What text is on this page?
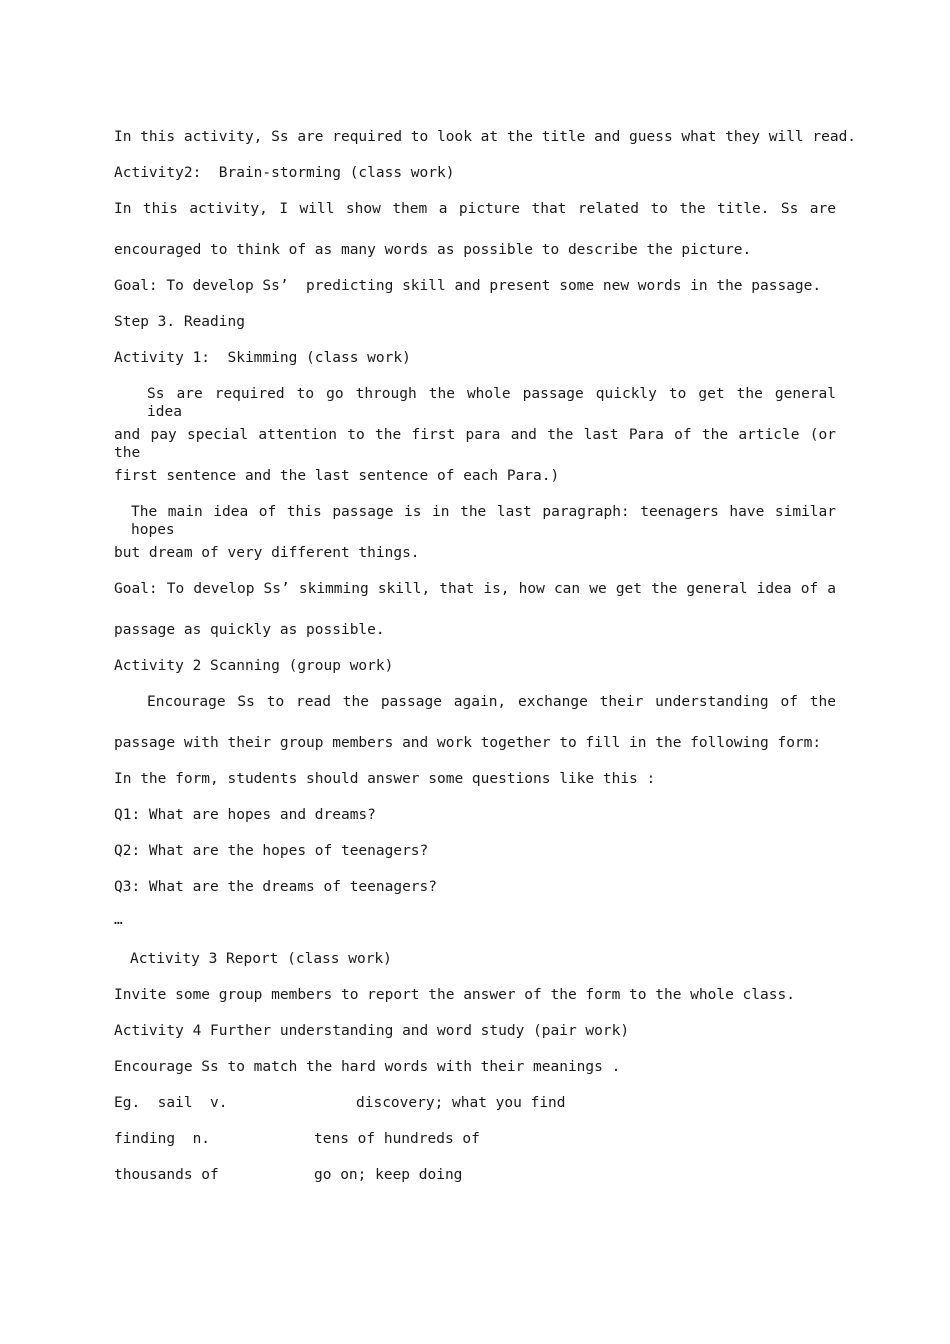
In this activity, Ss are required to look at the title and guess what they will read.
Activity2:  Brain-storming (class work)
In this activity, I will show them a picture that related to the title. Ss are
encouraged to think of as many words as possible to describe the picture.
Goal: To develop Ss’  predicting skill and present some new words in the passage.
Step 3. Reading
Activity 1:  Skimming (class work)
Ss are required to go through the whole passage quickly to get the general idea
and pay special attention to the first para and the last Para of the article (or the
first sentence and the last sentence of each Para.)
The main idea of this passage is in the last paragraph: teenagers have similar hopes
but dream of very different things.
Goal: To develop Ss’ skimming skill, that is, how can we get the general idea of a
passage as quickly as possible.
Activity 2 Scanning (group work)
Encourage Ss to read the passage again, exchange their understanding of the
passage with their group members and work together to fill in the following form:
In the form, students should answer some questions like this :
Q1: What are hopes and dreams?
Q2: What are the hopes of teenagers?
Q3: What are the dreams of teenagers?
…
Activity 3 Report (class work)
Invite some group members to report the answer of the form to the whole class.
Activity 4 Further understanding and word study (pair work)
Encourage Ss to match the hard words with their meanings .
Eg.  sail  v.	discovery; what you find
finding  n.	tens of hundreds of
thousands of	go on; keep doing
